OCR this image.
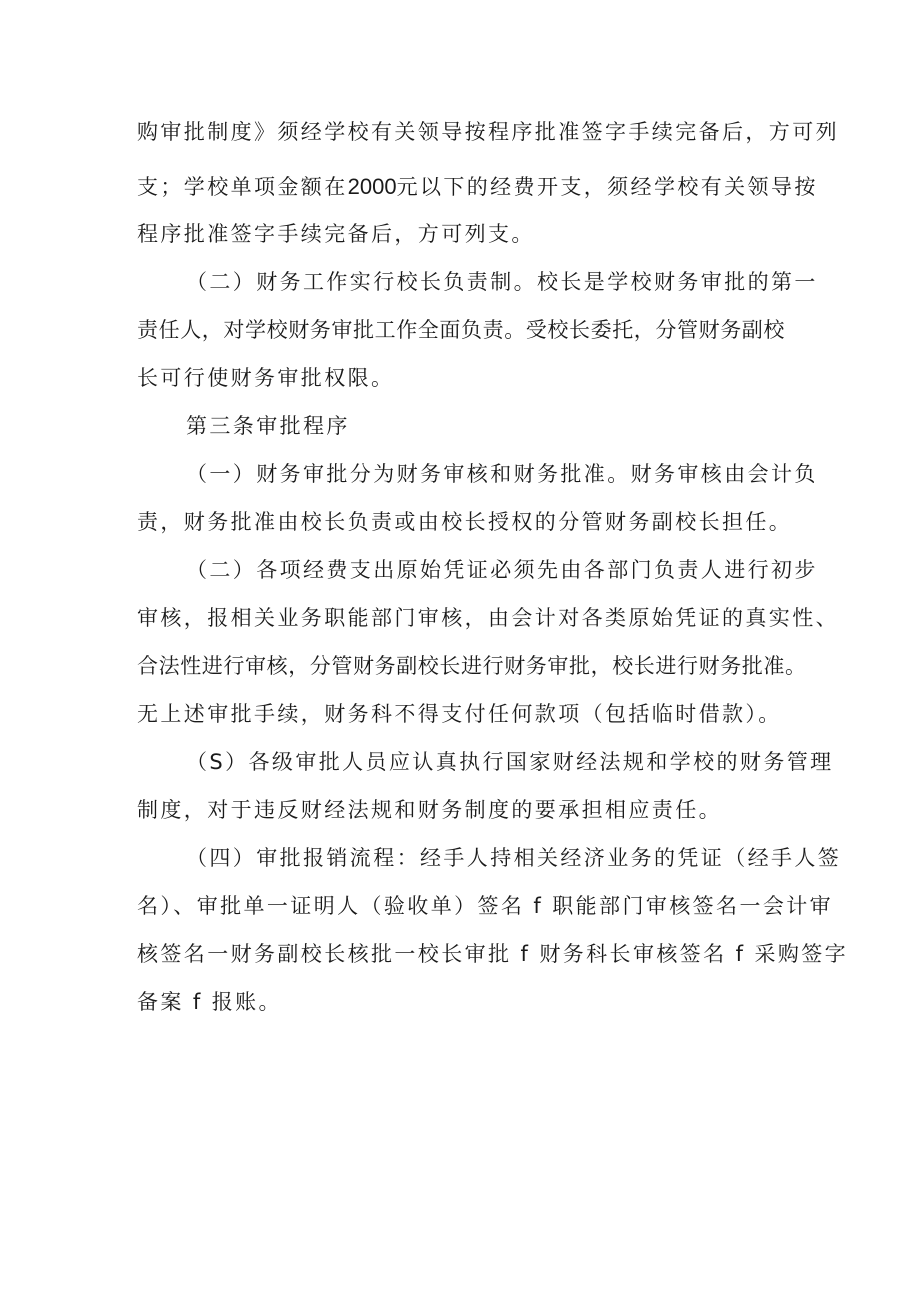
购审批制度》须经学校有关领导按程序批准签字手续完备后，方可列
支；学校单项金额在2000元以下的经费开支，须经学校有关领导按
程序批准签字手续完备后，方可列支。
（二）财务工作实行校长负责制。校长是学校财务审批的第一
责任人，对学校财务审批工作全面负责。受校长委托，分管财务副校
长可行使财务审批权限。
第三条审批程序
（一）财务审批分为财务审核和财务批准。财务审核由会计负
责，财务批准由校长负责或由校长授权的分管财务副校长担任。
（二）各项经费支出原始凭证必须先由各部门负责人进行初步
审核，报相关业务职能部门审核，由会计对各类原始凭证的真实性、
合法性进行审核，分管财务副校长进行财务审批，校长进行财务批准。
无上述审批手续，财务科不得支付任何款项（包括临时借款）。
（S）各级审批人员应认真执行国家财经法规和学校的财务管理
制度，对于违反财经法规和财务制度的要承担相应责任。
（四）审批报销流程：经手人持相关经济业务的凭证（经手人签
名）、审批单一证明人（验收单）签名 f 职能部门审核签名一会计审
核签名一财务副校长核批一校长审批 f 财务科长审核签名 f 采购签字
备案 f 报账。
